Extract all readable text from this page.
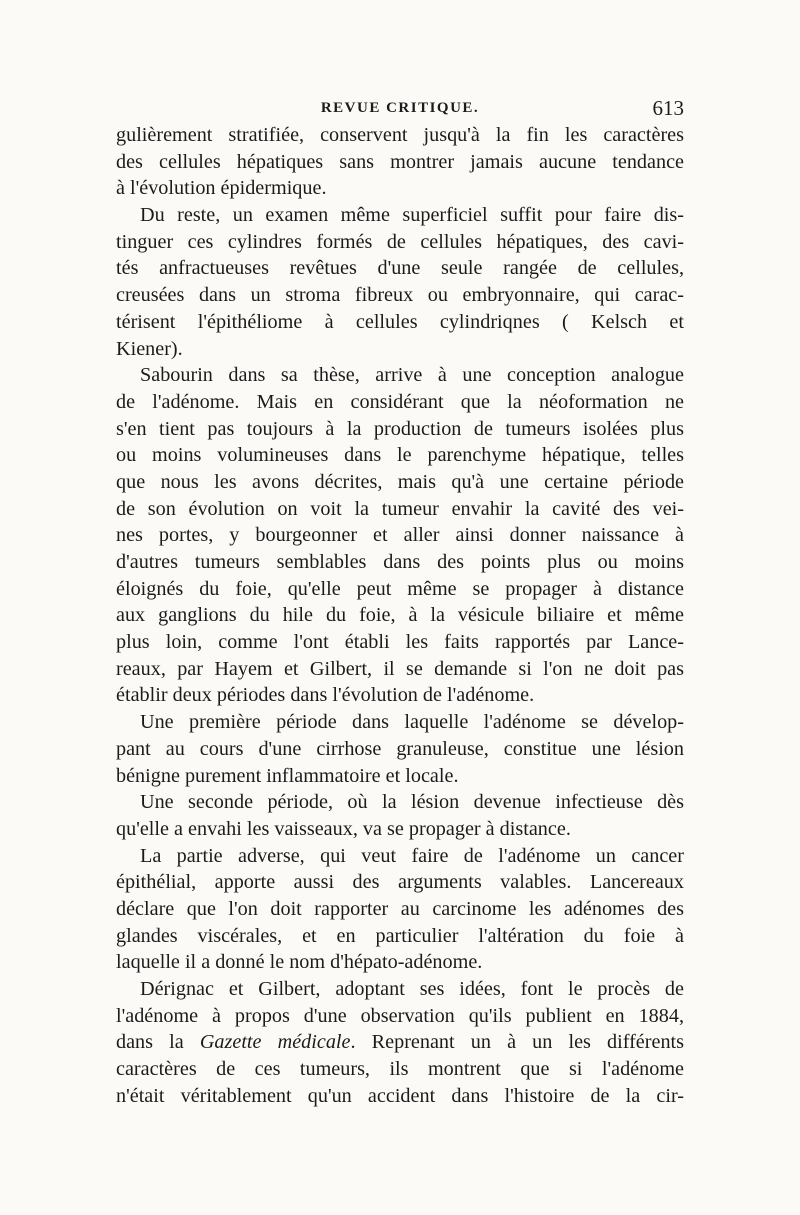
REVUE CRITIQUE.	613
gulièrement stratifiée, conservent jusqu'à la fin les caractères
des cellules hépatiques sans montrer jamais aucune tendance
à l'évolution épidermique.
Du reste, un examen même superficiel suffit pour faire dis-
tinguer ces cylindres formés de cellules hépatiques, des cavi-
tés anfractueuses revêtues d'une seule rangée de cellules,
creusées dans un stroma fibreux ou embryonnaire, qui carac-
térisent l'épithéliome à cellules cylindriqnes ( Kelsch et
Kiener).
Sabourin dans sa thèse, arrive à une conception analogue
de l'adénome. Mais en considérant que la néoformation ne
s'en tient pas toujours à la production de tumeurs isolées plus
ou moins volumineuses dans le parenchyme hépatique, telles
que nous les avons décrites, mais qu'à une certaine période
de son évolution on voit la tumeur envahir la cavité des vei-
nes portes, y bourgeonner et aller ainsi donner naissance à
d'autres tumeurs semblables dans des points plus ou moins
éloignés du foie, qu'elle peut même se propager à distance
aux ganglions du hile du foie, à la vésicule biliaire et même
plus loin, comme l'ont établi les faits rapportés par Lance-
reaux, par Hayem et Gilbert, il se demande si l'on ne doit pas
établir deux périodes dans l'évolution de l'adénome.
Une première période dans laquelle l'adénome se dévelop-
pant au cours d'une cirrhose granuleuse, constitue une lésion
bénigne purement inflammatoire et locale.
Une seconde période, où la lésion devenue infectieuse dès
qu'elle a envahi les vaisseaux, va se propager à distance.
La partie adverse, qui veut faire de l'adénome un cancer
épithélial, apporte aussi des arguments valables. Lancereaux
déclare que l'on doit rapporter au carcinome les adénomes des
glandes viscérales, et en particulier l'altération du foie à
laquelle il a donné le nom d'hépato-adénome.
Dérignac et Gilbert, adoptant ses idées, font le procès de
l'adénome à propos d'une observation qu'ils publient en 1884,
dans la Gazette médicale. Reprenant un à un les différents
caractères de ces tumeurs, ils montrent que si l'adénome
n'était véritablement qu'un accident dans l'histoire de la cir-
